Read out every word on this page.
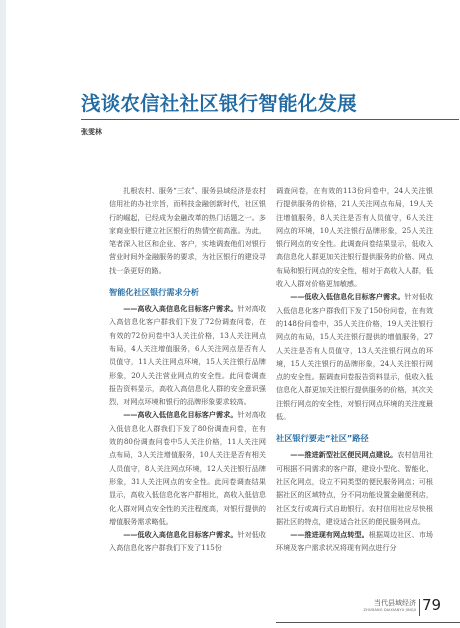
浅谈农信社社区银行智能化发展
张雯林

扎根农村、服务“三农”、服务县域经济是农村信用社的办社宗旨，而科技金融创新时代，社区银行的崛起，已经成为金融改革的热门话题之一。多家商业银行建立社区银行的热情空前高涨。为此，笔者深入社区和企业、客户，实地调查他们对银行营业时间外金融服务的要求，为社区银行的建设寻找一条更好的路。

智能化社区银行需求分析

——高收入高信息化目标客户需求。针对高收入高信息化客户群我们下发了72份调查问卷，在有效的72份问卷中3人关注价格，13人关注网点布局，4人关注增值服务，6人关注网点是否有人员值守，11人关注网点环境，15人关注银行品牌形象，20人关注营业网点的安全性。此问卷调查报告资料显示，高收入高信息化人群的安全意识强烈，对网点环境和银行的品牌形象要求较高。

——高收入低信息化目标客户需求。针对高收入低信息化人群我们下发了80份调查问卷，在有效的80份调查问卷中5人关注价格，11人关注网点布局，3人关注增值服务，10人关注是否有相关人员值守，8人关注网点环境，12人关注银行品牌形象，31人关注网点的安全性。此问卷调查结果显示，高收入低信息化客户群相比，高收入低信息化人群对网点安全性的关注程度高，对银行提供的增值服务需求略低。

——低收入高信息化目标客户需求。针对低收入高信息化客户群我们下发了115份

调查问卷，在有效的113份问卷中，24人关注银行提供服务的价格，21人关注网点布局，19人关注增值服务，8人关注是否有人员值守，6人关注网点的环境，10人关注银行品牌形象，25人关注银行网点的安全性。此调查问卷结果显示，低收入高信息化人群更加关注银行提供服务的价格、网点布局和银行网点的安全性，相对于高收入人群，低收入人群对价格更加敏感。

——低收入低信息化目标客户需求。针对低收入低信息化客户群我们下发了150份问卷，在有效的148份问卷中，35人关注价格，19人关注银行网点的布局，15人关注银行提供的增值服务，27人关注是否有人员值守，13人关注银行网点的环境，15人关注银行的品牌形象，24人关注银行网点的安全性。据调查问卷报告资料显示，低收入低信息化人群更加关注银行提供服务的价格，其次关注银行网点的安全性，对银行网点环境的关注度最低。

社区银行要走“社区”路径

——推进新型社区便民网点建设。农村信用社可根据不同需求的客户群，建设小型化、智能化、社区化网点，设立不同类型的便民服务网点；可根据社区的区域特点，分不同功能设置金融便利店，社区支行或离行式自助银行。农村信用社应尽快根据社区的特点，建设适合社区的便民服务网点。

——推进现有网点转型。根据周边社区、市场环境及客户需求状况将现有网点进行分

当代县域经济
ZHUDANG DAIXIANYU JINGJI 79
